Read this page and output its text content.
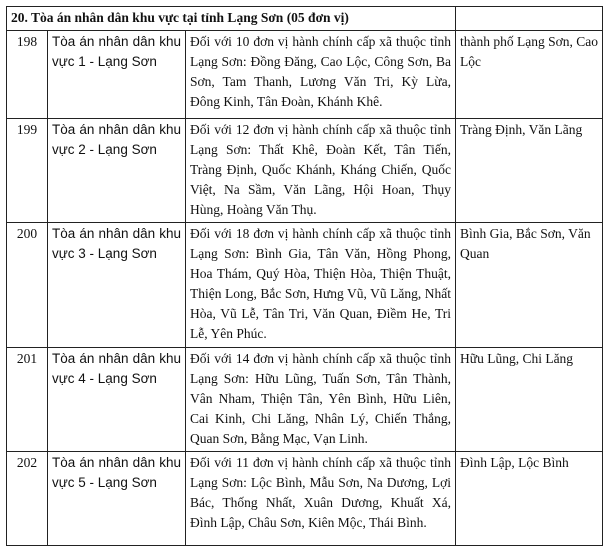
20. Tòa án nhân dân khu vực tại tỉnh Lạng Sơn (05 đơn vị)			
198	Tòa án nhân dân khu vực 1 - Lạng Sơn	Đối với 10 đơn vị hành chính cấp xã thuộc tỉnh Lạng Sơn: Đồng Đăng, Cao Lộc, Công Sơn, Ba Sơn, Tam Thanh, Lương Văn Tri, Kỳ Lừa, Đông Kinh, Tân Đoàn, Khánh Khê.	thành phố Lạng Sơn, Cao Lộc
199	Tòa án nhân dân khu vực 2 - Lạng Sơn	Đối với 12 đơn vị hành chính cấp xã thuộc tỉnh Lạng Sơn: Thất Khê, Đoàn Kết, Tân Tiến, Tràng Định, Quốc Khánh, Kháng Chiến, Quốc Việt, Na Sầm, Văn Lãng, Hội Hoan, Thụy Hùng, Hoàng Văn Thụ.	Tràng Định, Văn Lãng
200	Tòa án nhân dân khu vực 3 - Lạng Sơn	Đối với 18 đơn vị hành chính cấp xã thuộc tỉnh Lạng Sơn: Bình Gia, Tân Văn, Hồng Phong, Hoa Thám, Quý Hòa, Thiện Hòa, Thiện Thuật, Thiện Long, Bắc Sơn, Hưng Vũ, Vũ Lăng, Nhất Hòa, Vũ Lễ, Tân Tri, Văn Quan, Điềm He, Tri Lễ, Yên Phúc.	Bình Gia, Bắc Sơn, Văn Quan
201	Tòa án nhân dân khu vực 4 - Lạng Sơn	Đối với 14 đơn vị hành chính cấp xã thuộc tỉnh Lạng Sơn: Hữu Lũng, Tuấn Sơn, Tân Thành, Vân Nham, Thiện Tân, Yên Bình, Hữu Liên, Cai Kinh, Chi Lăng, Nhân Lý, Chiến Thắng, Quan Sơn, Bằng Mạc, Vạn Linh.	Hữu Lũng, Chi Lăng
202	Tòa án nhân dân khu vực 5 - Lạng Sơn	Đối với 11 đơn vị hành chính cấp xã thuộc tỉnh Lạng Sơn: Lộc Bình, Mẫu Sơn, Na Dương, Lợi Bác, Thống Nhất, Xuân Dương, Khuất Xá, Đình Lập, Châu Sơn, Kiên Mộc, Thái Bình.	Đình Lập, Lộc Bình
